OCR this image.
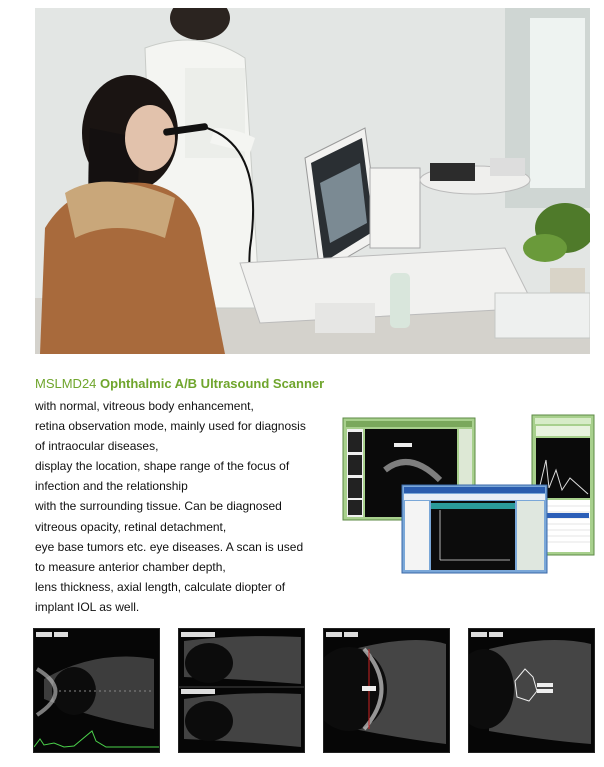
MSLMD24 Ophthalmic A/B Ultrasound Scanner
with normal, vitreous body enhancement,
retina observation mode, mainly used for diagnosis
of intraocular diseases,
display the location, shape range of the focus of
infection and the relationship
with the surrounding tissue. Can be diagnosed
vitreous opacity, retinal detachment,
eye base tumors etc. eye diseases. A scan is used
to measure anterior chamber depth,
lens thickness, axial length, calculate diopter of
implant IOL as well.
